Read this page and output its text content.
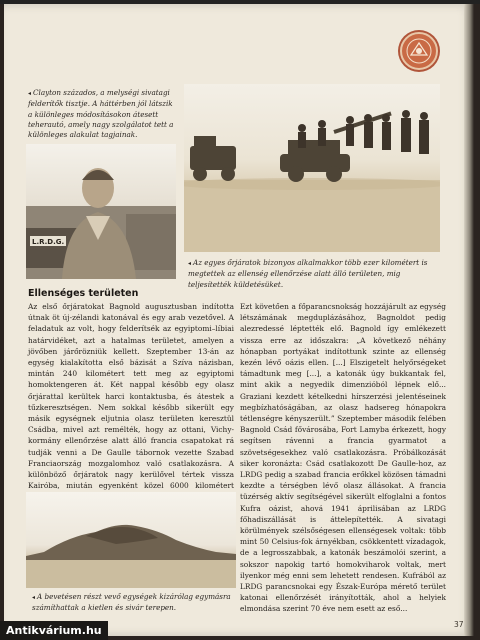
◂ Clayton százados, a melységi sivatagi felderítők tisztje. A háttérben jól látszik a különleges módosításokon átesett teherautó, amely nagy szolgálatot tett a különleges alakulat tagjainak.

L.R.D.G.

◂ Az egyes őrjáratok bizonyos alkalmakkor több ezer kilométert is megtettek az ellenség ellenőrzése alatt álló területen, mig teljesítették küldetésüket.

Ellenséges területen

Az első őrjáratokat Bagnold augusztusban indította útnak öt új-zélandi katonával és egy arab vezetővel. A feladatuk az volt, hogy felderítsék az egyiptomi–líbiai határvidéket, azt a hatalmas területet, amelyen a jövőben járőrözniük kellett. Szeptember 13-án az egység kialakította első bázisát a Szíva názisban, mintán 240 kilométert tett meg az egyiptomi homoktengeren át. Két nappal később egy olasz őrjárattal kerültek harci kontaktusba, és átestek a tűzkeresztségen. Nem sokkal később sikerült egy másik egységnek eljutnia olasz területen keresztül Csádba, mivel azt remélték, hogy az ottani, Vichy-kormány ellenőrzése alatt álló francia csapatokat rá tudják venni a De Gaulle tábornok vezette Szabad Franciaország mozgalomhoz való csatlakozásra. A különböző őrjáratok nagy kerülővel tértek vissza Kairóba, miután egyenként közel 6000 kilométert

Ezt követően a főparancsnokság hozzájárult az egység létszámának megduplázásához, Bagnoldot pedig alezredessé léptették elő. Bagnold így emlékezett vissza erre az időszakra: „A következő néhány hónapban portyákat indítottunk szinte az ellenség kezén lévő oázis ellen. [...] Elszigetelt helyőrségeket támadtunk meg [...], a katonák úgy bukkantak fel, mint akik a negyedik dimenzióból lépnek elő... Graziani kezdett kételkedni hírszerzési jelentéseinek megbízhatóságában, az olasz hadsereg hónapokra tétlenségre kényszerült.” Szeptember második felében Bagnold Csád fővárosába, Fort Lamyba érkezett, hogy segítsen rávenni a francia gyarmatot a szövetségesekhez való csatlakozásra. Próbálkozását siker koronázta: Csád csatlakozott De Gaulle-hoz, az LRDG pedig a szabad francia erőkkel közösen támadni kezdte a térségben lévő olasz állásokat. A francia tüzérség aktív segítségével sikerült elfoglalni a fontos Kufra oázist, ahová 1941 áprilisában az LRDG főhadiszállását is áttelepítették. A sivatagi körülmények szélsőségesen ellenségesek voltak: több mint 50 Celsius-fok árnyékban, csökkentett vízadagok, de a legrosszabbak, a katonák beszámolói szerint, a sokszor napokig tartó homokviharok voltak, mert ilyenkor még enni sem lehetett rendesen. Kufrából az LRDG parancsnokai egy Észak-Európa mérető terület katonai ellenőrzését irányították, ahol a helyiek elmondása szerint 70 éve nem esett az eső...

◂ A bevetésen részt vevő egységek kizárólag egymásra számíthattak a kietlen és sivár terepen.

37
Antikvárium.hu
